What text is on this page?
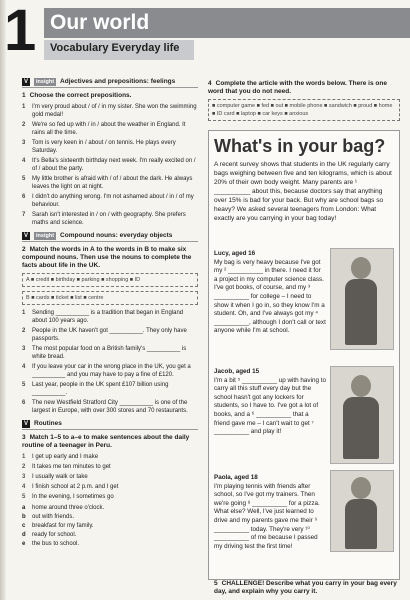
1 Our world
Vocabulary Everyday life
V	insight Adjectives and prepositions: feelings
1 Choose the correct prepositions.
1	I'm very proud about / of / in my sister. She won the swimming gold medal!
2	We're so fed up with / in / about the weather in England. It rains all the time.
3	Tom is very keen in / about / on tennis. He plays every Saturday.
4	It's Bella's sixteenth birthday next week. I'm really excited on / of / about the party.
5	My little brother is afraid with / of / about the dark. He always leaves the light on at night.
6	I didn't do anything wrong. I'm not ashamed about / in / of my behaviour.
7	Sarah isn't interested in / on / with geography. She prefers maths and science.
V	insight Compound nouns: everyday objects
2 Match the words in A to the words in B to make six compound nouns. Then use the nouns to complete the facts about life in the UK.
A ■ credit ■ birthday ■ parking ■ shopping ■ ID
B ■ cards ■ ticket ■ list ■ centre
1	Sending __________ is a tradition that began in England about 100 years ago.
2	People in the UK haven't got __________. They only have passports.
3	The most popular food on a British family's __________ is white bread.
4	If you leave your car in the wrong place in the UK, you get a __________ and you may have to pay a fine of £120.
5	Last year, people in the UK spent £107 billion using __________.
6	The new Westfield Stratford City __________ is one of the largest in Europe, with over 300 stores and 70 restaurants.
V Routines
3 Match 1–5 to a–e to make sentences about the daily routine of a teenager in Peru.
1	I get up early and I make
2	It takes me ten minutes to get
3	I usually walk or take
4	I finish school at 2 p.m. and I get
5	In the evening, I sometimes go
a	home around three o'clock.
b	out with friends.
c	breakfast for my family.
d	ready for school.
e	the bus to school.
4 Complete the article with the words below. There is one word that you do not need.
■ computer game ■ fed ■ out ■ mobile phone ■ sandwich ■ proud ■ home ■ ID card ■ laptop ■ car keys ■ anxious
What's in your bag?
A recent survey shows that students in the UK regularly carry bags weighing between five and ten kilograms, which is about 20% of their own body weight. Many parents are ¹ __________ about this, because doctors say that anything over 15% is bad for your back. But why are school bags so heavy? We asked several teenagers from London: What exactly are you carrying in your bag today!
Lucy, aged 16
My bag is very heavy because I've got my ² __________ in there. I need it for a project in my computer science class. I've got books, of course, and my ³ __________ for college – I need to show it when I go in, so they know I'm a student. Oh, and I've always got my ⁴ __________, although I don't call or text anyone while I'm at school.
Jacob, aged 15
I'm a bit ⁵ __________ up with having to carry all this stuff every day but the school hasn't got any lockers for students, so I have to. I've got a lot of books, and a ⁶ __________ that a friend gave me – I can't wait to get ⁷ __________ and play it!
Paola, aged 18
I'm playing tennis with friends after school, so I've got my trainers. Then we're going ⁸ __________ for a pizza. What else? Well, I've just learned to drive and my parents gave me their ⁹ __________ today. They're very ¹⁰ __________ of me because I passed my driving test the first time!
5 CHALLENGE! Describe what you carry in your bag every day, and explain why you carry it.
